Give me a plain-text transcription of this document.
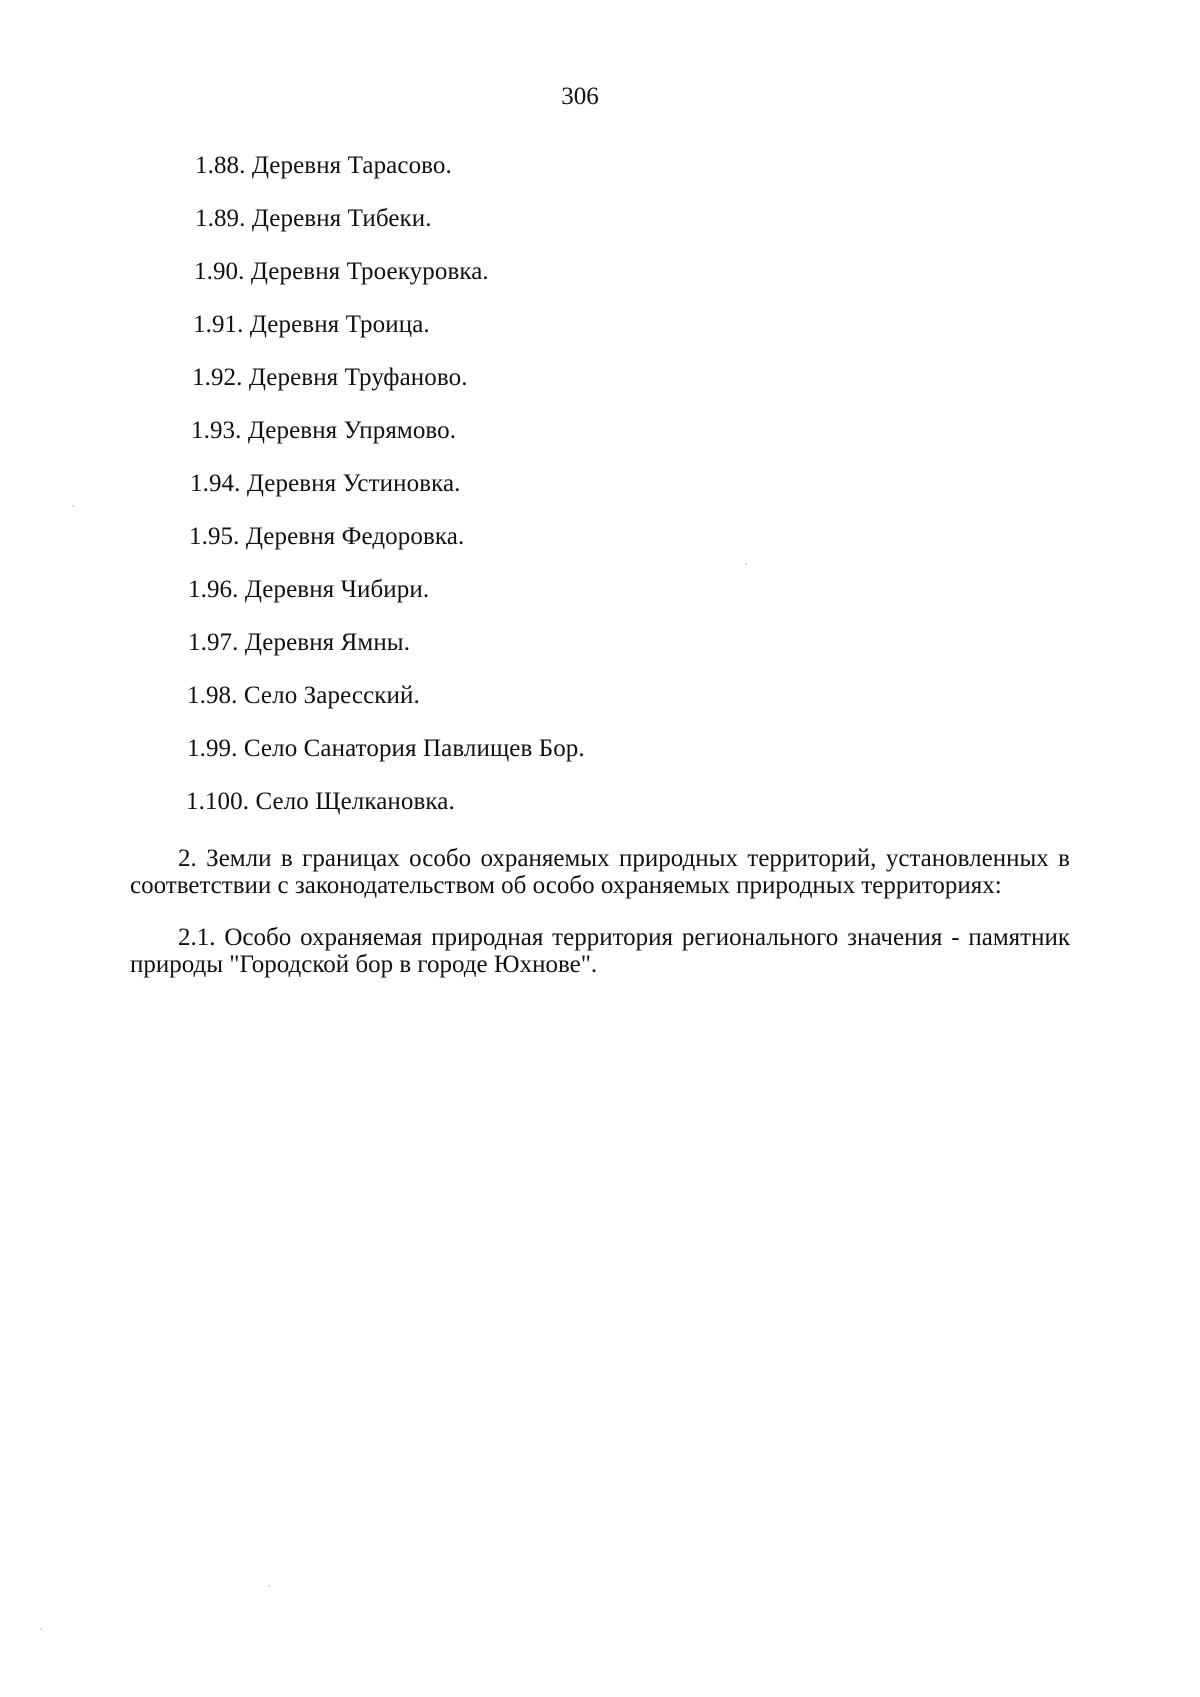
306
1.88. Деревня Тарасово.
1.89. Деревня Тибеки.
1.90. Деревня Троекуровка.
1.91. Деревня Троица.
1.92. Деревня Труфаново.
1.93. Деревня Упрямово.
1.94. Деревня Устиновка.
1.95. Деревня Федоровка.
1.96. Деревня Чибири.
1.97. Деревня Ямны.
1.98. Село Заресский.
1.99. Село Санатория Павлищев Бор.
1.100. Село Щелкановка.
2. Земли в границах особо охраняемых природных территорий, установленных в соответствии с законодательством об особо охраняемых природных территориях:
2.1. Особо охраняемая природная территория регионального значения - памятник природы "Городской бор в городе Юхнове".
